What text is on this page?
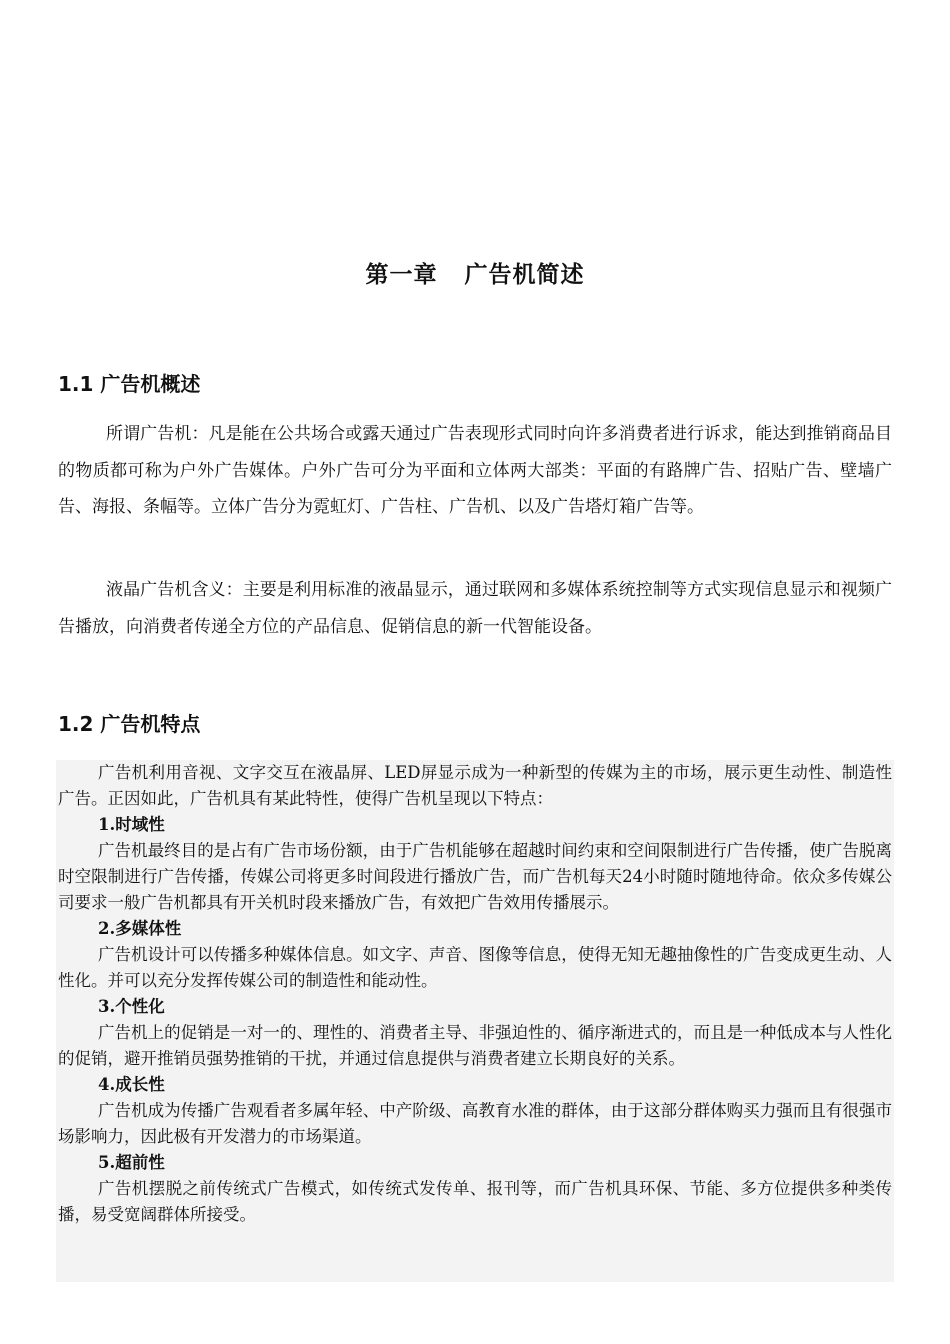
第一章   广告机简述
1.1 广告机概述

所谓广告机：凡是能在公共场合或露天通过广告表现形式同时向许多消费者进行诉求，能达到推销商品目的物质都可称为户外广告媒体。户外广告可分为平面和立体两大部类：平面的有路牌广告、招贴广告、壁墙广告、海报、条幅等。立体广告分为霓虹灯、广告柱、广告机、以及广告塔灯箱广告等。

液晶广告机含义：主要是利用标准的液晶显示，通过联网和多媒体系统控制等方式实现信息显示和视频广告播放，向消费者传递全方位的产品信息、促销信息的新一代智能设备。

1.2 广告机特点

广告机利用音视、文字交互在液晶屏、LED屏显示成为一种新型的传媒为主的市场，展示更生动性、制造性广告。正因如此，广告机具有某此特性，使得广告机呈现以下特点：

1.时域性

广告机最终目的是占有广告市场份额，由于广告机能够在超越时间约束和空间限制进行广告传播，使广告脱离时空限制进行广告传播，传媒公司将更多时间段进行播放广告，而广告机每天24小时随时随地待命。依众多传媒公司要求一般广告机都具有开关机时段来播放广告，有效把广告效用传播展示。

2.多媒体性

广告机设计可以传播多种媒体信息。如文字、声音、图像等信息，使得无知无趣抽像性的广告变成更生动、人性化。并可以充分发挥传媒公司的制造性和能动性。

3.个性化

广告机上的促销是一对一的、理性的、消费者主导、非强迫性的、循序渐进式的，而且是一种低成本与人性化的促销，避开推销员强势推销的干扰，并通过信息提供与消费者建立长期良好的关系。

4.成长性

广告机成为传播广告观看者多属年轻、中产阶级、高教育水准的群体，由于这部分群体购买力强而且有很强市场影响力，因此极有开发潜力的市场渠道。

5.超前性

广告机摆脱之前传统式广告模式，如传统式发传单、报刊等，而广告机具环保、节能、多方位提供多种类传播，易受宽阔群体所接受。
